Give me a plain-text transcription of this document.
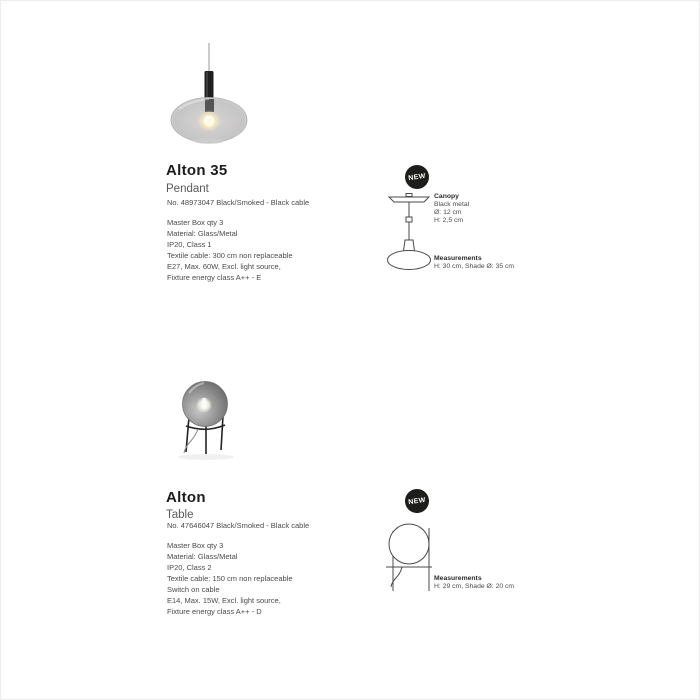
Alton 35
Pendant
No. 48973047 Black/Smoked - Black cable
Master Box qty 3
Material: Glass/Metal
IP20, Class 1
Textile cable: 300 cm non replaceable
E27, Max. 60W, Excl. light source,
Fixture energy class A++ - E
NEW
Canopy
Black metal
Ø: 12 cm
H: 2,5 cm
Measurements
H: 30 cm, Shade Ø: 35 cm
Alton
Table
No. 47646047 Black/Smoked - Black cable
Master Box qty 3
Material: Glass/Metal
IP20, Class 2
Textile cable: 150 cm non replaceable
Switch on cable
E14, Max. 15W, Excl. light source,
Fixture energy class A++ - D
NEW
Measurements
H: 29 cm, Shade Ø: 20 cm
